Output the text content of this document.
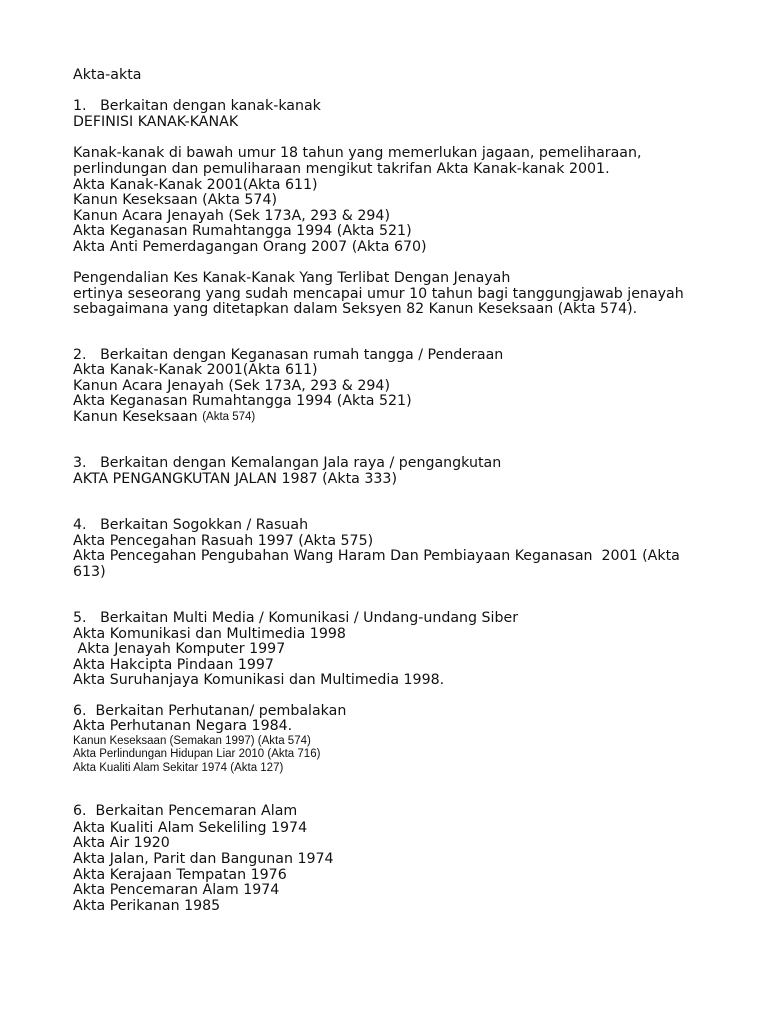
Akta-akta
1.   Berkaitan dengan kanak-kanak
DEFINISI KANAK-KANAK
Kanak-kanak di bawah umur 18 tahun yang memerlukan jagaan, pemeliharaan,
perlindungan dan pemuliharaan mengikut takrifan Akta Kanak-kanak 2001.
Akta Kanak-Kanak 2001(Akta 611)
Kanun Keseksaan (Akta 574)
Kanun Acara Jenayah (Sek 173A, 293 & 294)
Akta Keganasan Rumahtangga 1994 (Akta 521)
Akta Anti Pemerdagangan Orang 2007 (Akta 670)
Pengendalian Kes Kanak-Kanak Yang Terlibat Dengan Jenayah
ertinya seseorang yang sudah mencapai umur 10 tahun bagi tanggungjawab jenayah
sebagaimana yang ditetapkan dalam Seksyen 82 Kanun Keseksaan (Akta 574).
2.   Berkaitan dengan Keganasan rumah tangga / Penderaan
Akta Kanak-Kanak 2001(Akta 611)
Kanun Acara Jenayah (Sek 173A, 293 & 294)
Akta Keganasan Rumahtangga 1994 (Akta 521)
Kanun Keseksaan (Akta 574)
3.   Berkaitan dengan Kemalangan Jala raya / pengangkutan
AKTA PENGANGKUTAN JALAN 1987 (Akta 333)
4.   Berkaitan Sogokkan / Rasuah
Akta Pencegahan Rasuah 1997 (Akta 575)
Akta Pencegahan Pengubahan Wang Haram Dan Pembiayaan Keganasan  2001 (Akta
613)
5.   Berkaitan Multi Media / Komunikasi / Undang-undang Siber
Akta Komunikasi dan Multimedia 1998
Akta Jenayah Komputer 1997
Akta Hakcipta Pindaan 1997
Akta Suruhanjaya Komunikasi dan Multimedia 1998.
6.  Berkaitan Perhutanan/ pembalakan
Akta Perhutanan Negara 1984.
Kanun Keseksaan (Semakan 1997) (Akta 574)
Akta Perlindungan Hidupan Liar 2010 (Akta 716)
Akta Kualiti Alam Sekitar 1974 (Akta 127)
6.  Berkaitan Pencemaran Alam
Akta Kualiti Alam Sekeliling 1974
Akta Air 1920
Akta Jalan, Parit dan Bangunan 1974
Akta Kerajaan Tempatan 1976
Akta Pencemaran Alam 1974
Akta Perikanan 1985
